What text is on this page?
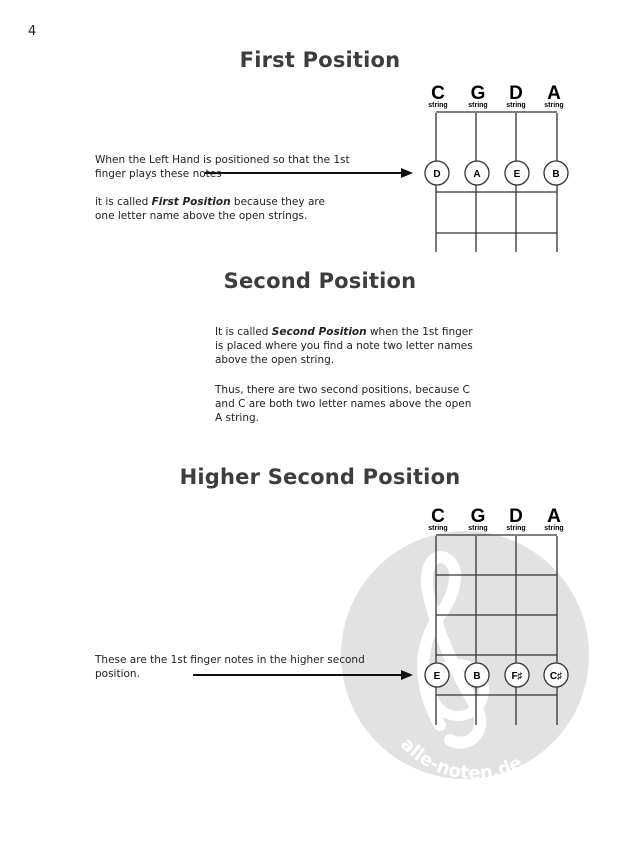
4
First Position
When the Left Hand is positioned so that the 1st finger plays these notes
it is called First Position because they are one letter name above the open strings.
C G D A
string	string	string	string
D	A	E	B
Second Position
It is called Second Position when the 1st finger is placed where you find a note two letter names above the open string.
Thus, there are two second positions, because C and C are both two letter names above the open A string.
alle-noten.de
Higher Second Position
C G D A
string	string	string	string
E	B	F♯	C♯
These are the 1st finger notes in the higher second position.
